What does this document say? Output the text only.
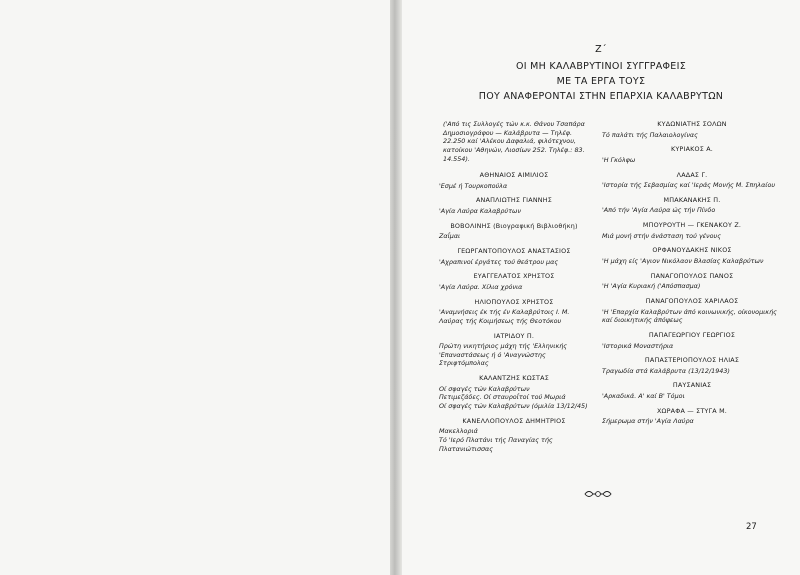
Ζ΄
ΟΙ ΜΗ ΚΑΛΑΒΡΥΤΙΝΟΙ ΣΥΓΓΡΑΦΕΙΣ
ΜΕ ΤΑ ΕΡΓΑ ΤΟΥΣ
ΠΟΥ ΑΝΑΦΕΡΟΝΤΑΙ ΣΤΗΝ ΕΠΑΡΧΙΑ ΚΑΛΑΒΡΥΤΩΝ
('Από τις Συλλογές τών κ.κ. Θάνου Τσαπάρα Δημοσιογράφου — Καλάβρυτα — Τηλέφ. 22.250 καί 'Αλέκου Δαφαλιά, φιλότεχνου, κατοίκου 'Αθηνών, Λιοσίων 252. Τηλέφ.: 83. 14.554).
ΑΘΗΝΑΙΟΣ ΑΙΜΙΛΙΟΣ
'Εσμέ ή Τουρκοπούλα
ΑΝΑΠΛΙΩΤΗΣ ΓΙΑΝΝΗΣ
'Αγία Λαύρα Καλαβρύτων
ΒΟΒΟΛΙΝΗΣ (Βιογραφική Βιβλιοθήκη)
Ζαΐμαι
ΓΕΩΡΓΑΝΤΟΠΟΥΛΟΣ ΑΝΑΣΤΑΣΙΟΣ
'Αχραπινοί έργάτες τού θεάτρου μας
ΕΥΑΓΓΕΛΑΤΟΣ ΧΡΗΣΤΟΣ
'Αγία Λαύρα. Χίλια χρόνια
ΗΛΙΟΠΟΥΛΟΣ ΧΡΗΣΤΟΣ
'Αναμνήσεις έκ τής έν Καλαβρύτοις Ι. Μ. Λαύρας τής Κοιμήσεως τής Θεοτόκου
ΙΑΤΡΙΔΟΥ Π.
Πρώτη νικητήριος μάχη τής 'Ελληνικής 'Επαναστάσεως ή ό 'Αναγνώστης Στριφτόμπολας
ΚΑΛΑΝΤΖΗΣ ΚΩΣΤΑΣ
Οί σφαγές τών Καλαβρύτων
Πετιμεζάδες. Οί σταυροΐτοί τού Μωριά
Οί σφαγές τών Καλαβρύτων (όμιλία 13/12/45)
ΚΑΝΕΛΛΟΠΟΥΛΟΣ ΔΗΜΗΤΡΙΟΣ
Μακελλοριά
Τό 'Ιερό Πλατάνι τής Παναγίας τής Πλατανιώτισσας
ΚΥΔΩΝΙΑΤΗΣ ΣΟΛΩΝ
Τό παλάτι τής Παλαιολογίνας
ΚΥΡΙΑΚΟΣ Α.
'Η Γκόλφω
ΛΑΔΑΣ Γ.
'Ιστορία τής Σεβασμίας καί 'Ιεράς Μονής Μ. Σπηλαίου
ΜΠΑΚΑΝΑΚΗΣ Π.
'Από τήν 'Αγία Λαύρα ώς τήν Πίνδο
ΜΠΟΥΡΟΥΤΗ — ΓΚΕΝΑΚΟΥ Ζ.
Μιά μονή στήν άνάσταση τού γένους
ΟΡΦΑΝΟΥΔΑΚΗΣ ΝΙΚΟΣ
'Η μάχη είς 'Αγιον Νικόλαον Βλασίας Καλαβρύτων
ΠΑΝΑΓΟΠΟΥΛΟΣ ΠΑΝΟΣ
'Η 'Αγία Κυριακή ('Απόσπασμα)
ΠΑΝΑΓΟΠΟΥΛΟΣ ΧΑΡΙΛΑΟΣ
'Η 'Επαρχία Καλαβρύτων άπό κοινωνικής, οίκονομικής καί διοικητικής άπόψεως
ΠΑΠΑΓΕΩΡΓΙΟΥ ΓΕΩΡΓΙΟΣ
'Ιστορικά Μοναστήρια
ΠΑΠΑΣΤΕΡΙΟΠΟΥΛΟΣ ΗΛΙΑΣ
Τραγωδία στά Καλάβρυτα (13/12/1943)
ΠΑΥΣΑΝΙΑΣ
'Αρκαδικά. Α' καί Β' Τόμοι
ΧΩΡΑΦΑ — ΣΤΥΓΑ Μ.
Σήμερωμα στήν 'Αγία Λαύρα
27
